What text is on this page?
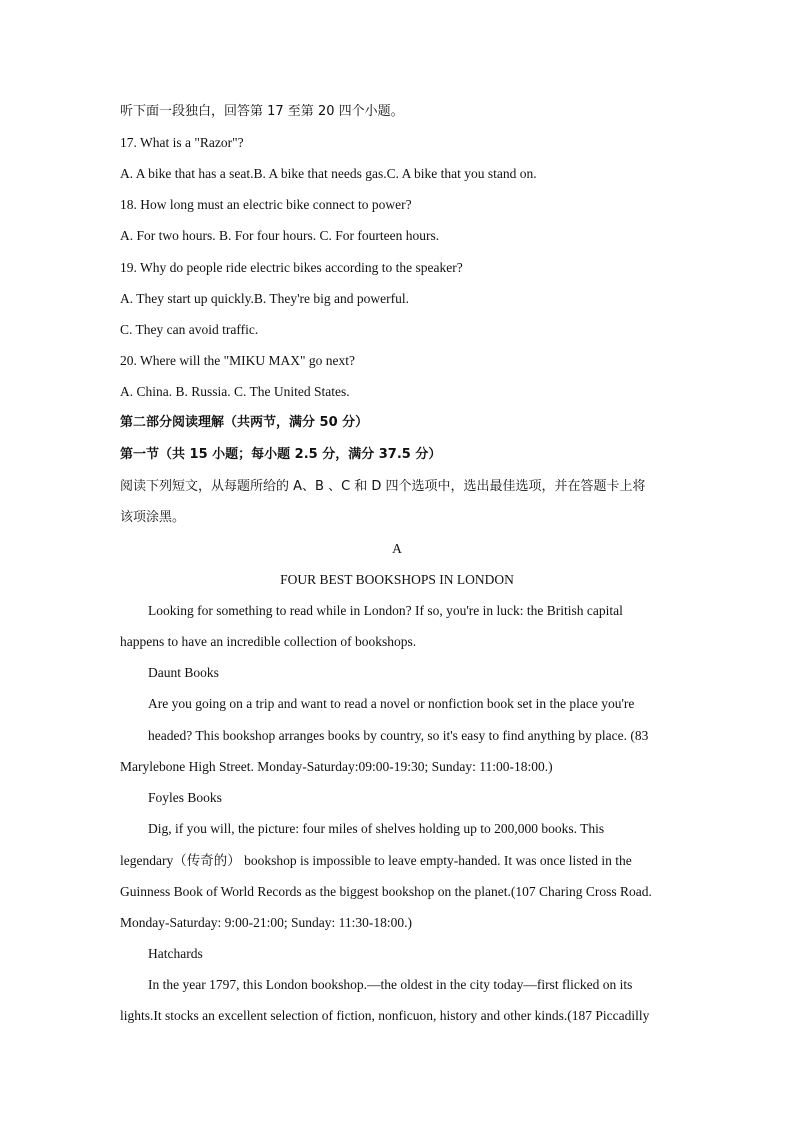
听下面一段独白，回答第 17 至第 20 四个小题。
17. What is a "Razor"?
A. A bike that has a seat.B. A bike that needs gas.C. A bike that you stand on.
18. How long must an electric bike connect to power?
A. For two hours. B. For four hours. C. For fourteen hours.
19. Why do people ride electric bikes according to the speaker?
A. They start up quickly.B. They're big and powerful.
C. They can avoid traffic.
20. Where will the "MIKU MAX" go next?
A. China. B. Russia. C. The United States.
第二部分阅读理解（共两节，满分 50 分）
第一节（共 15 小题；每小题 2.5 分，满分 37.5 分）
阅读下列短文，从每题所给的 A、B 、C 和 D 四个选项中，选出最佳选项，并在答题卡上将
该项涂黑。
A
FOUR BEST BOOKSHOPS IN LONDON
Looking for something to read while in London? If so, you're in luck: the British capital
happens to have an incredible collection of bookshops.
Daunt Books
Are you going on a trip and want to read a novel or nonfiction book set in the place you're
headed? This bookshop arranges books by country, so it's easy to find anything by place. (83
Marylebone High Street. Monday-Saturday:09:00-19:30; Sunday: 11:00-18:00.)
Foyles Books
Dig, if you will, the picture: four miles of shelves holding up to 200,000 books. This
legendary（传奇的） bookshop is impossible to leave empty-handed. It was once listed in the
Guinness Book of World Records as the biggest bookshop on the planet.(107 Charing Cross Road.
Monday-Saturday: 9:00-21:00; Sunday: 11:30-18:00.)
Hatchards
In the year 1797, this London bookshop.—the oldest in the city today—first flicked on its
lights.It stocks an excellent selection of fiction, nonficuon, history and other kinds.(187 Piccadilly
